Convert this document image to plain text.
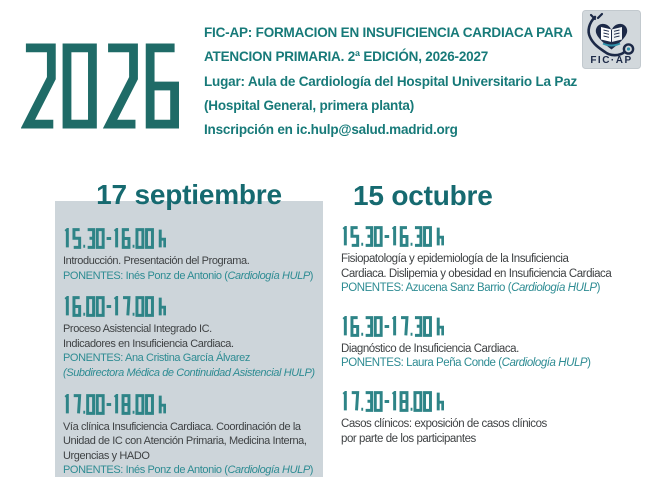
FIC-AP: FORMACION EN INSUFICIENCIA CARDIACA PARA
ATENCION PRIMARIA. 2ª EDICIÓN, 2026-2027
Lugar: Aula de Cardiología del Hospital Universitario La Paz
(Hospital General, primera planta)
Inscripción en ic.hulp@salud.madrid.org
FIC·AP
17 septiembre	15 octubre
Introducción. Presentación del Programa.
PONENTES: Inés Ponz de Antonio (Cardiología HULP)
Proceso Asistencial Integrado IC.
Indicadores en Insuficiencia Cardiaca.
PONENTES: Ana Cristina García Álvarez
(Subdirectora Médica de Continuidad Asistencial HULP)
Vía clínica Insuficiencia Cardiaca. Coordinación de la
Unidad de IC con Atención Primaria, Medicina Interna,
Urgencias y HADO
PONENTES: Inés Ponz de Antonio (Cardiología HULP)
Fisiopatología y epidemiología de la Insuficiencia
Cardiaca. Dislipemia y obesidad en Insuficiencia Cardiaca
PONENTES: Azucena Sanz Barrio (Cardiología HULP)
Diagnóstico de Insuficiencia Cardiaca.
PONENTES: Laura Peña Conde (Cardiología HULP)
Casos clínicos: exposición de casos clínicos
por parte de los participantes
